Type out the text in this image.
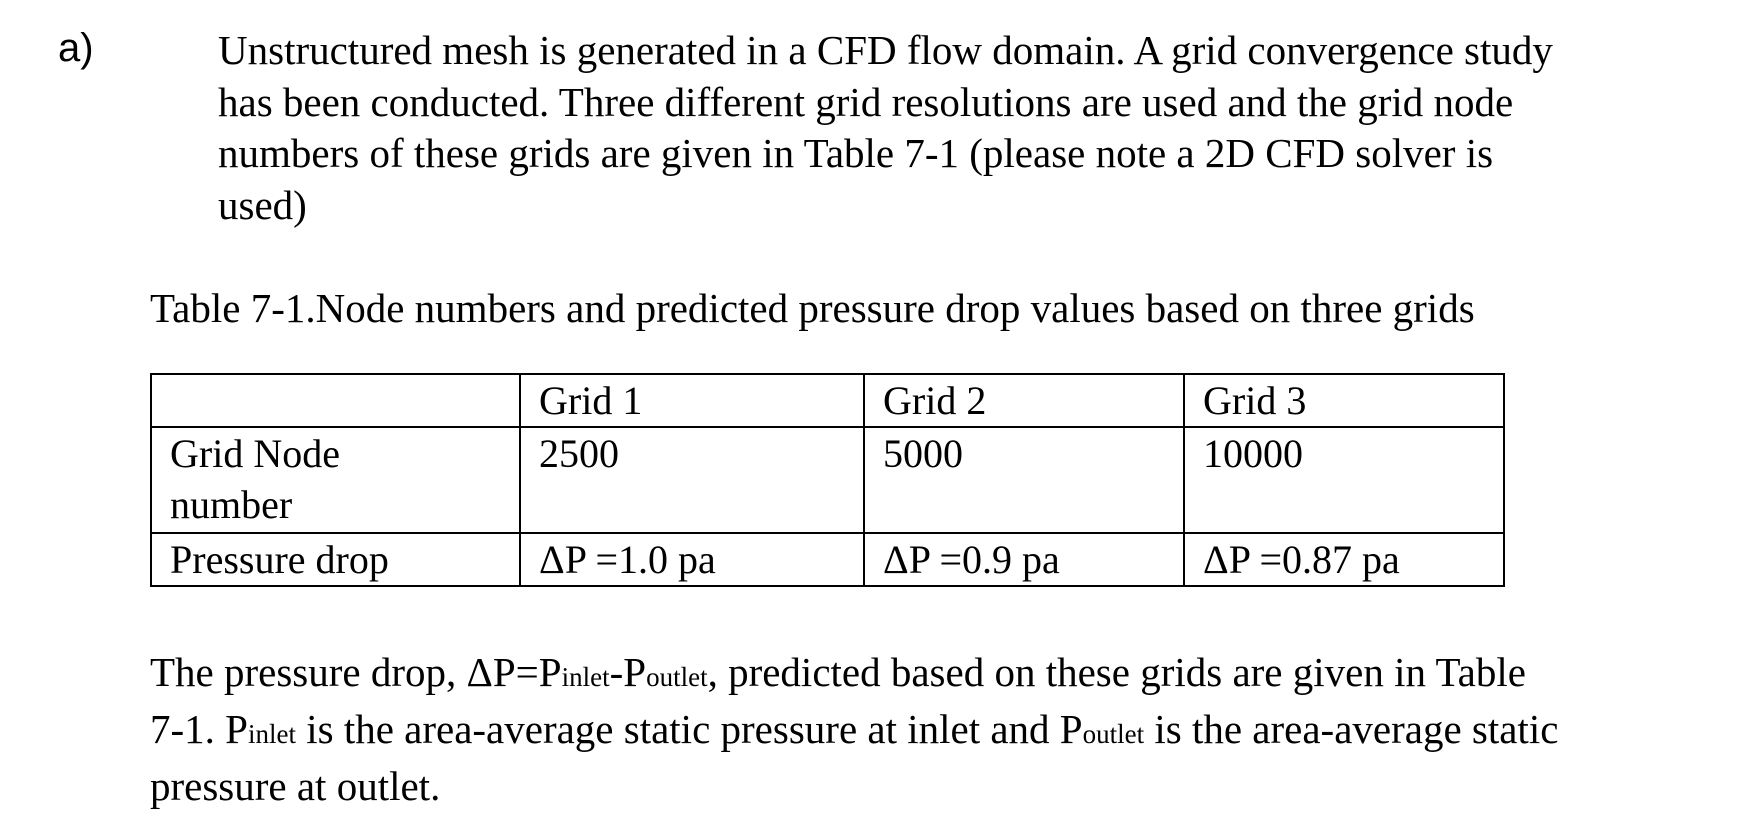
a)	Unstructured mesh is generated in a CFD flow domain. A grid convergence study
has been conducted. Three different grid resolutions are used and the grid node
numbers of these grids are given in Table 7-1 (please note a 2D CFD solver is
used)
Table 7-1.Node numbers and predicted pressure drop values based on three grids
	Grid 1	Grid 2	Grid 3
Grid Node number	2500	5000	10000
Pressure drop	ΔP =1.0 pa	ΔP =0.9 pa	ΔP =0.87 pa
The pressure drop, ΔP=Pinlet-Poutlet, predicted based on these grids are given in Table
7-1. Pinlet is the area-average static pressure at inlet and Poutlet is the area-average static
pressure at outlet.
